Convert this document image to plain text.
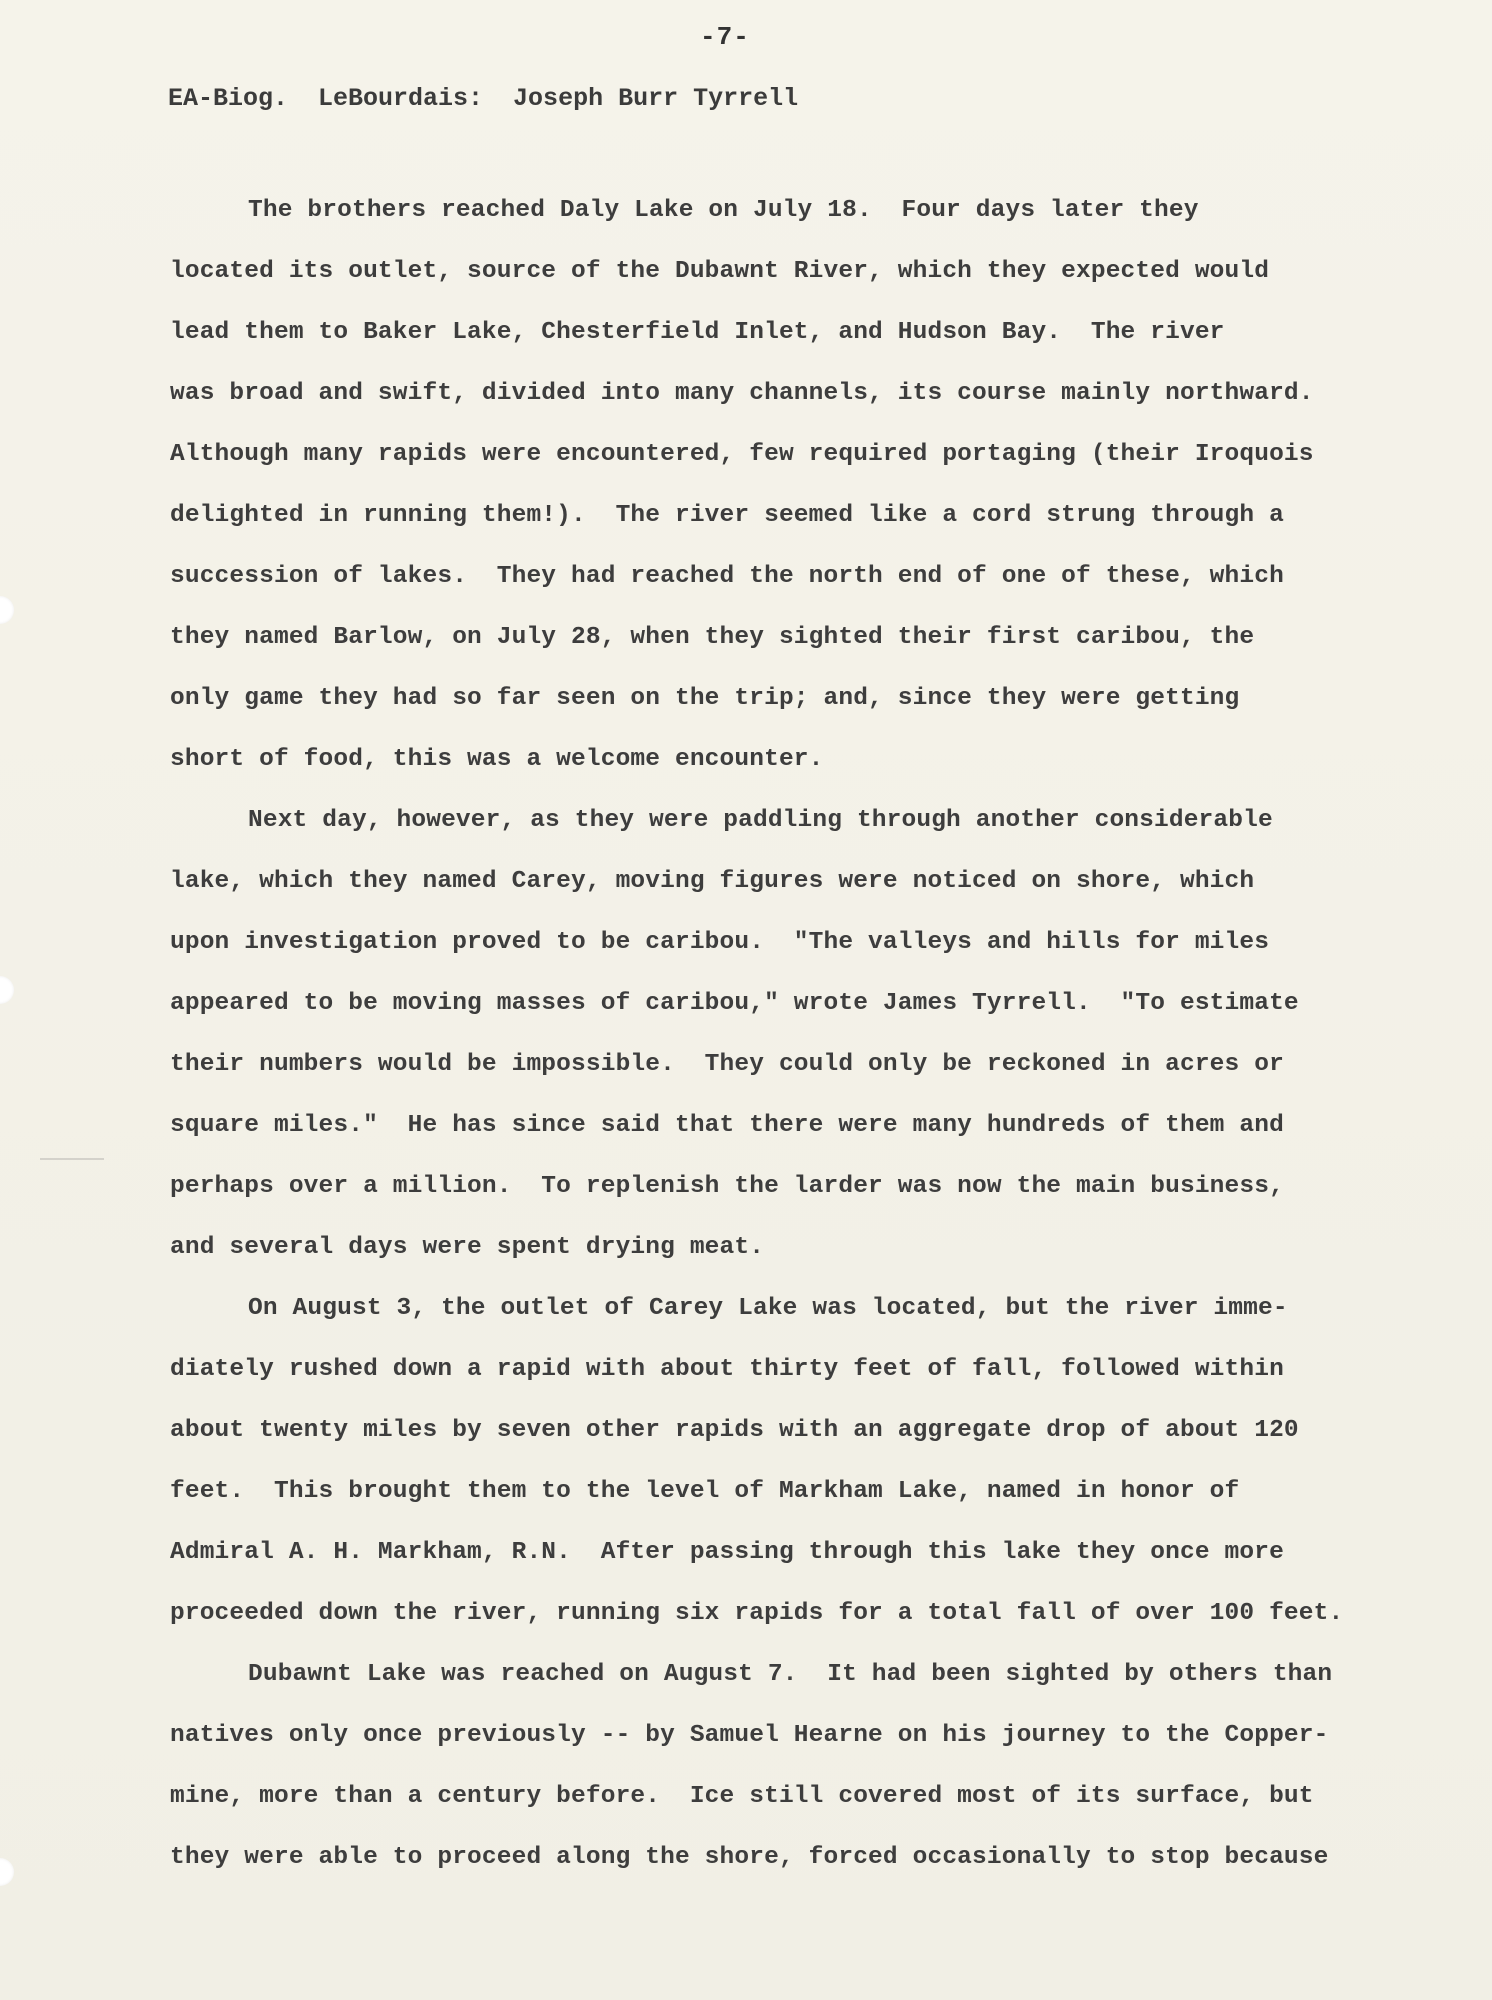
-7-
EA-Biog.  LeBourdais:  Joseph Burr Tyrrell
The brothers reached Daly Lake on July 18.  Four days later they
located its outlet, source of the Dubawnt River, which they expected would
lead them to Baker Lake, Chesterfield Inlet, and Hudson Bay.  The river
was broad and swift, divided into many channels, its course mainly northward.
Although many rapids were encountered, few required portaging (their Iroquois
delighted in running them!).  The river seemed like a cord strung through a
succession of lakes.  They had reached the north end of one of these, which
they named Barlow, on July 28, when they sighted their first caribou, the
only game they had so far seen on the trip; and, since they were getting
short of food, this was a welcome encounter.
Next day, however, as they were paddling through another considerable
lake, which they named Carey, moving figures were noticed on shore, which
upon investigation proved to be caribou.  "The valleys and hills for miles
appeared to be moving masses of caribou," wrote James Tyrrell.  "To estimate
their numbers would be impossible.  They could only be reckoned in acres or
square miles."  He has since said that there were many hundreds of them and
perhaps over a million.  To replenish the larder was now the main business,
and several days were spent drying meat.
On August 3, the outlet of Carey Lake was located, but the river imme-
diately rushed down a rapid with about thirty feet of fall, followed within
about twenty miles by seven other rapids with an aggregate drop of about 120
feet.  This brought them to the level of Markham Lake, named in honor of
Admiral A. H. Markham, R.N.  After passing through this lake they once more
proceeded down the river, running six rapids for a total fall of over 100 feet.
Dubawnt Lake was reached on August 7.  It had been sighted by others than
natives only once previously -- by Samuel Hearne on his journey to the Copper-
mine, more than a century before.  Ice still covered most of its surface, but
they were able to proceed along the shore, forced occasionally to stop because
